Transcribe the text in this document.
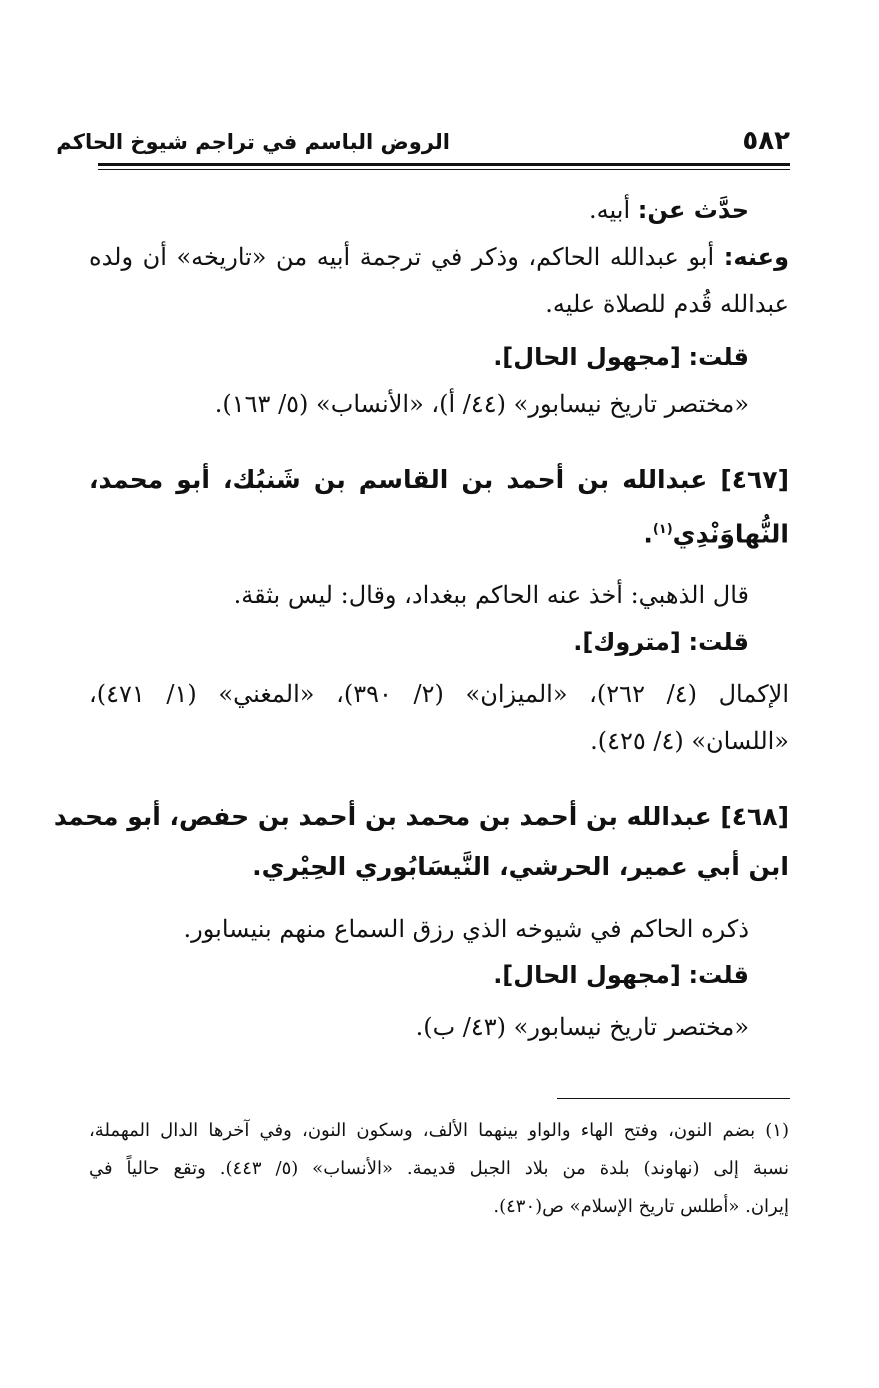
الروض الباسم في تراجم شيوخ الحاكم	٥٨٢
حدَّث عن: أبيه.
وعنه: أبو عبدالله الحاكم، وذكر في ترجمة أبيه من «تاريخه» أن ولده
عبدالله قُدم للصلاة عليه.
قلت: [مجهول الحال].
«مختصر تاريخ نيسابور» (٤٤/ أ)، «الأنساب» (٥/ ١٦٣).
[٤٦٧] عبدالله بن أحمد بن القاسم بن شَنبُك، أبو محمد،
النُّهاوَنْدِي$^{(١)}$.
قال الذهبي: أخذ عنه الحاكم ببغداد، وقال: ليس بثقة.
قلت: [متروك].
الإكمال (٤/ ٢٦٢)، «الميزان» (٢/ ٣٩٠)، «المغني» (١/ ٤٧١)،
«اللسان» (٤/ ٤٢٥).
[٤٦٨] عبدالله بن أحمد بن محمد بن أحمد بن حفص، أبو محمد
ابن أبي عمير، الحرشي، النَّيسَابُوري الحِيْري.
ذكره الحاكم في شيوخه الذي رزق السماع منهم بنيسابور.
قلت: [مجهول الحال].
«مختصر تاريخ نيسابور» (٤٣/ ب).
(١) بضم النون، وفتح الهاء والواو بينهما الألف، وسكون النون، وفي آخرها الدال المهملة،
نسبة إلى (نهاوند) بلدة من بلاد الجبل قديمة. «الأنساب» (٥/ ٤٤٣). وتقع حالياً في
إيران. «أطلس تاريخ الإسلام» ص(٤٣٠).
